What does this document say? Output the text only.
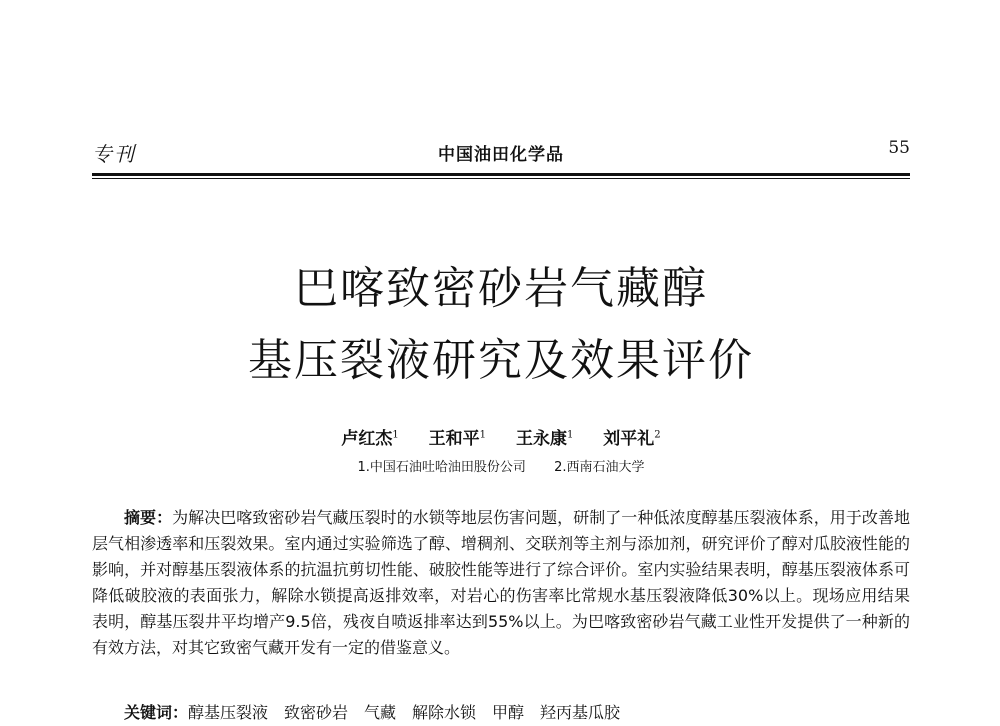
专刊	中国油田化学品	55
巴喀致密砂岩气藏醇
基压裂液研究及效果评价
卢红杰$^1$ 王和平$^1$ 王永康$^1$ 刘平礼$^2$
1.中国石油吐哈油田股份公司 2.西南石油大学
摘要：为解决巴喀致密砂岩气藏压裂时的水锁等地层伤害问题，研制了一种低浓度醇基压裂液体系，用于改善地层气相渗透率和压裂效果。室内通过实验筛选了醇、增稠剂、交联剂等主剂与添加剂，研究评价了醇对瓜胶液性能的影响，并对醇基压裂液体系的抗温抗剪切性能、破胶性能等进行了综合评价。室内实验结果表明，醇基压裂液体系可降低破胶液的表面张力，解除水锁提高返排效率，对岩心的伤害率比常规水基压裂液降低30%以上。现场应用结果表明，醇基压裂井平均增产9.5倍，残夜自喷返排率达到55%以上。为巴喀致密砂岩气藏工业性开发提供了一种新的有效方法，对其它致密气藏开发有一定的借鉴意义。
关键词：醇基压裂液　致密砂岩　气藏　解除水锁　甲醇　羟丙基瓜胶
